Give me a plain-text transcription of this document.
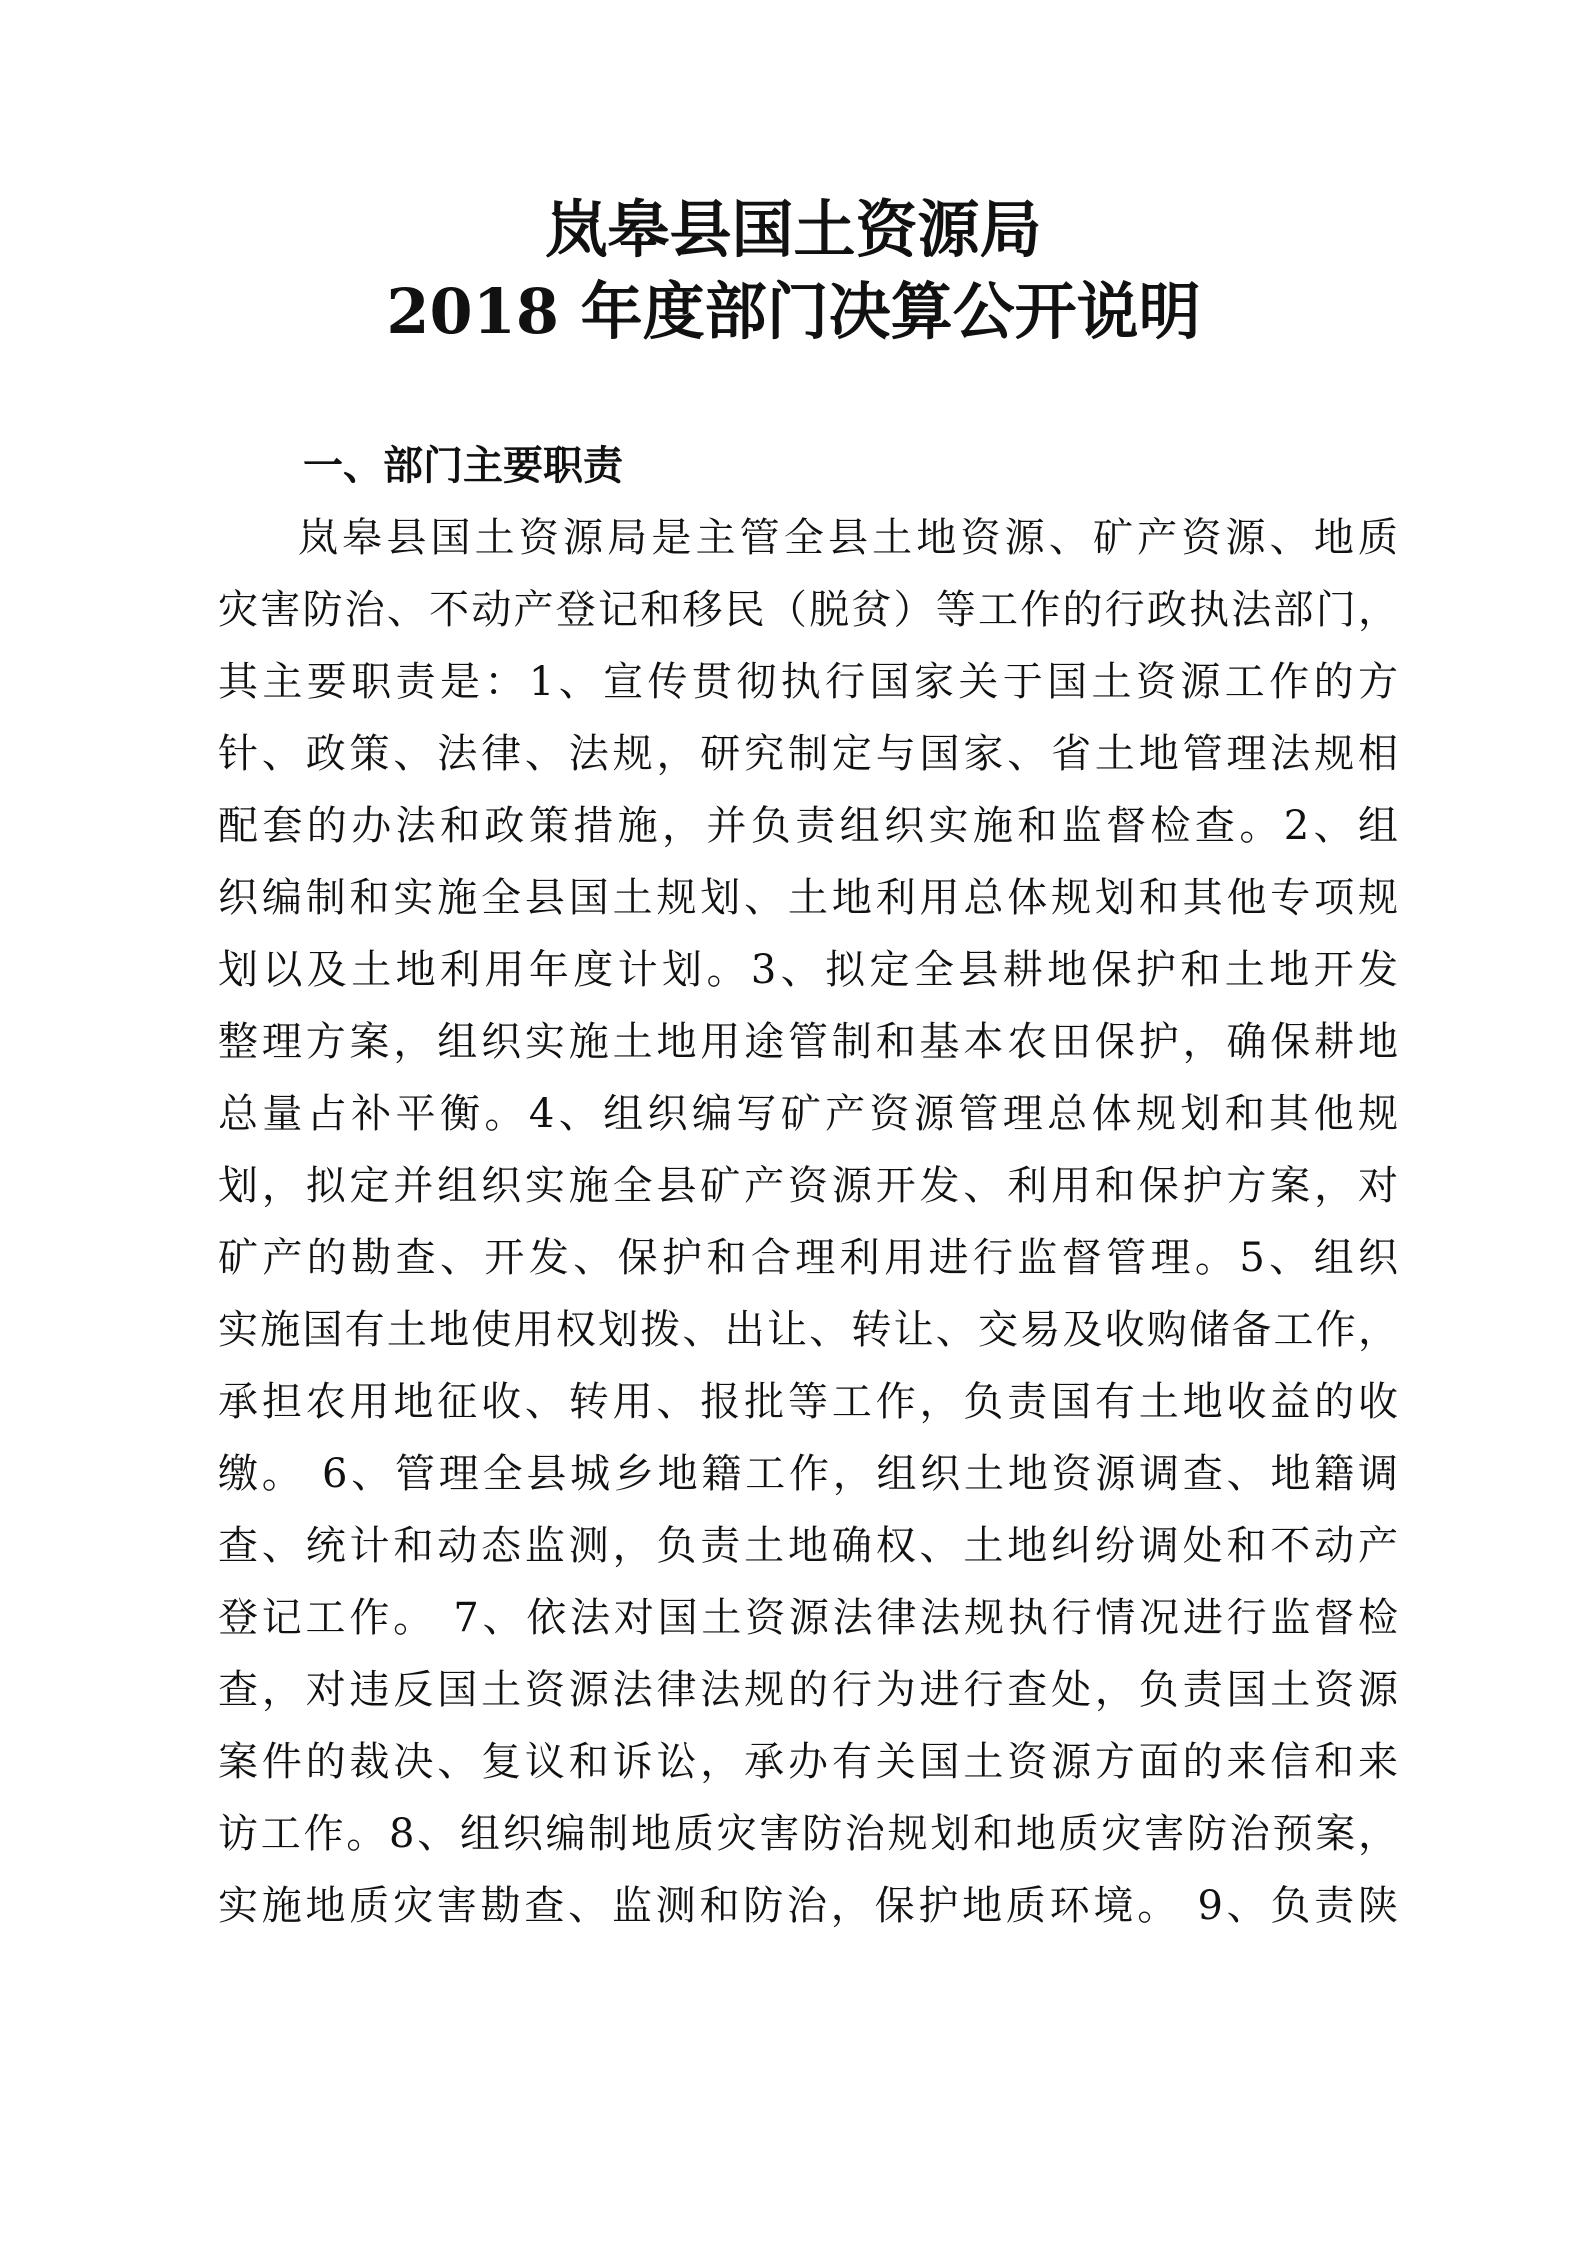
岚皋县国土资源局
2018 年度部门决算公开说明
一、部门主要职责
岚皋县国土资源局是主管全县土地资源、矿产资源、地质
灾害防治、不动产登记和移民（脱贫）等工作的行政执法部门，
其主要职责是：1、宣传贯彻执行国家关于国土资源工作的方
针、政策、法律、法规，研究制定与国家、省土地管理法规相
配套的办法和政策措施，并负责组织实施和监督检查。2、组
织编制和实施全县国土规划、土地利用总体规划和其他专项规
划以及土地利用年度计划。3、拟定全县耕地保护和土地开发
整理方案，组织实施土地用途管制和基本农田保护，确保耕地
总量占补平衡。4、组织编写矿产资源管理总体规划和其他规
划，拟定并组织实施全县矿产资源开发、利用和保护方案，对
矿产的勘查、开发、保护和合理利用进行监督管理。5、组织
实施国有土地使用权划拨、出让、转让、交易及收购储备工作，
承担农用地征收、转用、报批等工作，负责国有土地收益的收
缴。 6、管理全县城乡地籍工作，组织土地资源调查、地籍调
查、统计和动态监测，负责土地确权、土地纠纷调处和不动产
登记工作。 7、依法对国土资源法律法规执行情况进行监督检
查，对违反国土资源法律法规的行为进行查处，负责国土资源
案件的裁决、复议和诉讼，承办有关国土资源方面的来信和来
访工作。8、组织编制地质灾害防治规划和地质灾害防治预案，
实施地质灾害勘查、监测和防治，保护地质环境。 9、负责陕
